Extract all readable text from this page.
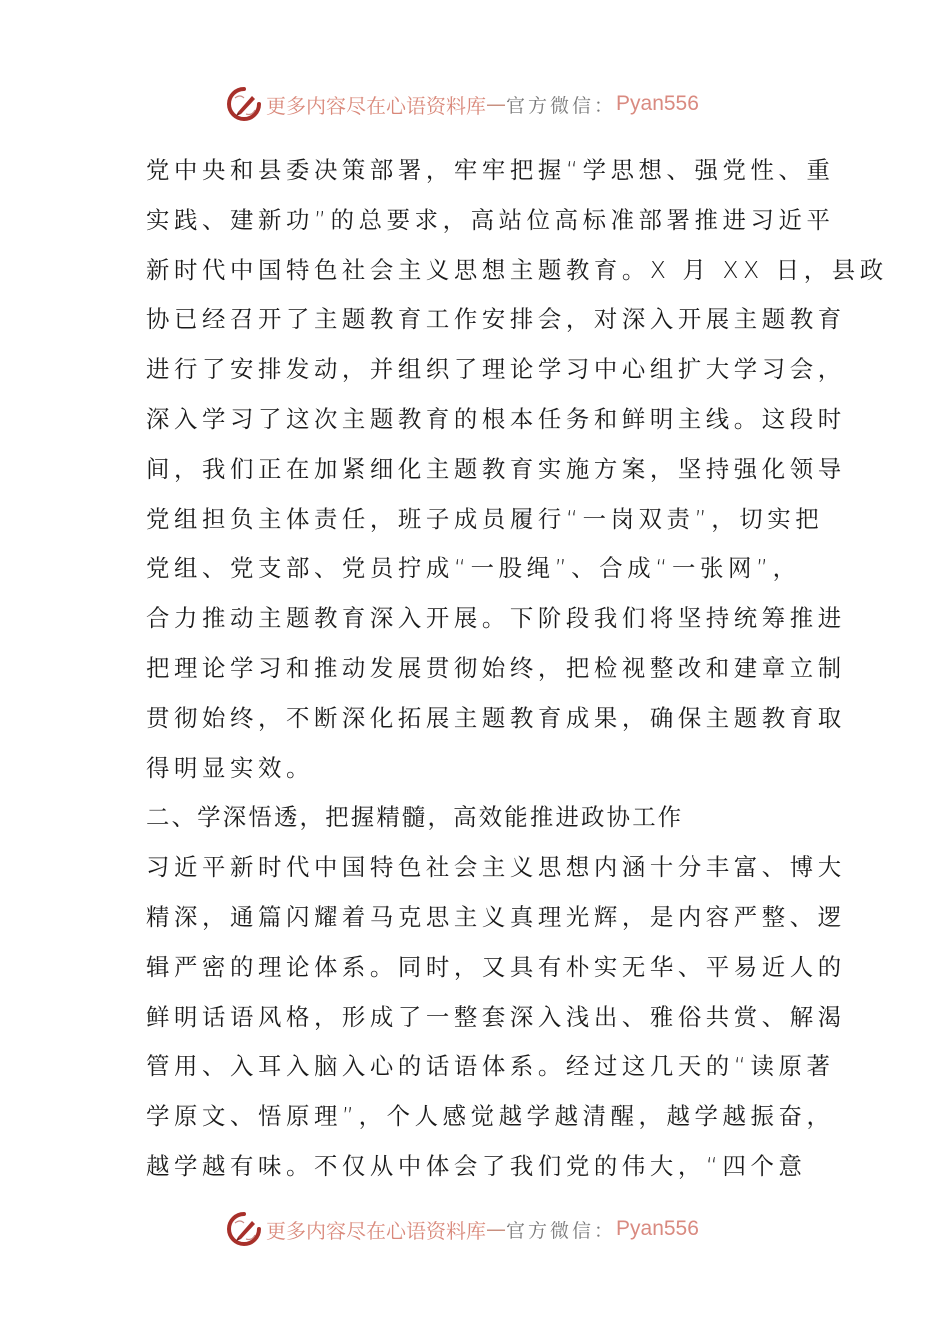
更多内容尽在心语资料库 — 官方微信： Pyan556
党中央和县委决策部署，牢牢把握“学思想、强党性、重
实践、建新功”的总要求，高站位高标准部署推进习近平
新时代中国特色社会主义思想主题教育。X 月 XX 日，县政
协已经召开了主题教育工作安排会，对深入开展主题教育
进行了安排发动，并组织了理论学习中心组扩大学习会，
深入学习了这次主题教育的根本任务和鲜明主线。这段时
间，我们正在加紧细化主题教育实施方案，坚持强化领导
党组担负主体责任，班子成员履行“一岗双责”，切实把
党组、党支部、党员拧成“一股绳”、合成“一张网”，
合力推动主题教育深入开展。下阶段我们将坚持统筹推进
把理论学习和推动发展贯彻始终，把检视整改和建章立制
贯彻始终，不断深化拓展主题教育成果，确保主题教育取
得明显实效。
二、学深悟透，把握精髓，高效能推进政协工作
习近平新时代中国特色社会主义思想内涵十分丰富、博大
精深，通篇闪耀着马克思主义真理光辉，是内容严整、逻
辑严密的理论体系。同时，又具有朴实无华、平易近人的
鲜明话语风格，形成了一整套深入浅出、雅俗共赏、解渴
管用、入耳入脑入心的话语体系。经过这几天的“读原著
学原文、悟原理”，个人感觉越学越清醒，越学越振奋，
越学越有味。不仅从中体会了我们党的伟大，“四个意
更多内容尽在心语资料库 — 官方微信： Pyan556
